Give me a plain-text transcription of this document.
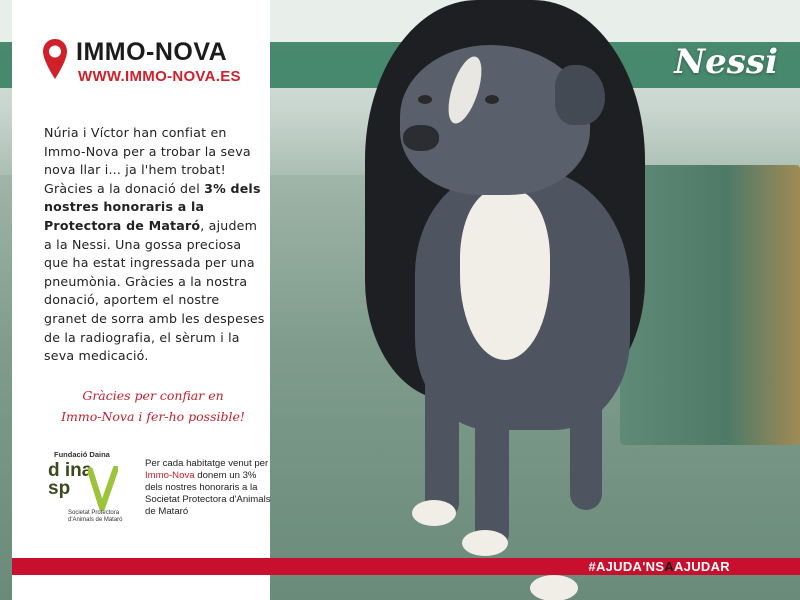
Nessi
IMMO-NOVA
WWW.IMMO-NOVA.ES

Núria i Víctor han confiat en Immo-Nova per a trobar la seva nova llar i... ja l'hem trobat! Gràcies a la donació del 3% dels nostres honoraris a la Protectora de Mataró, ajudem a la Nessi. Una gossa preciosa que ha estat ingressada per una pneumònia. Gràcies a la nostra donació, aportem el nostre granet de sorra amb les despeses de la radiografia, el sèrum i la seva medicació.

Gràcies per confiar en
Immo-Nova i fer-ho possible!
Fundació Daina
d ina
sp
Societat Protectora
d'Animals de Mataró

Per cada habitatge venut per Immo-Nova donem un 3% dels nostres honoraris a la Societat Protectora d'Animals de Mataró

#AJUDA'NSAAJUDAR
